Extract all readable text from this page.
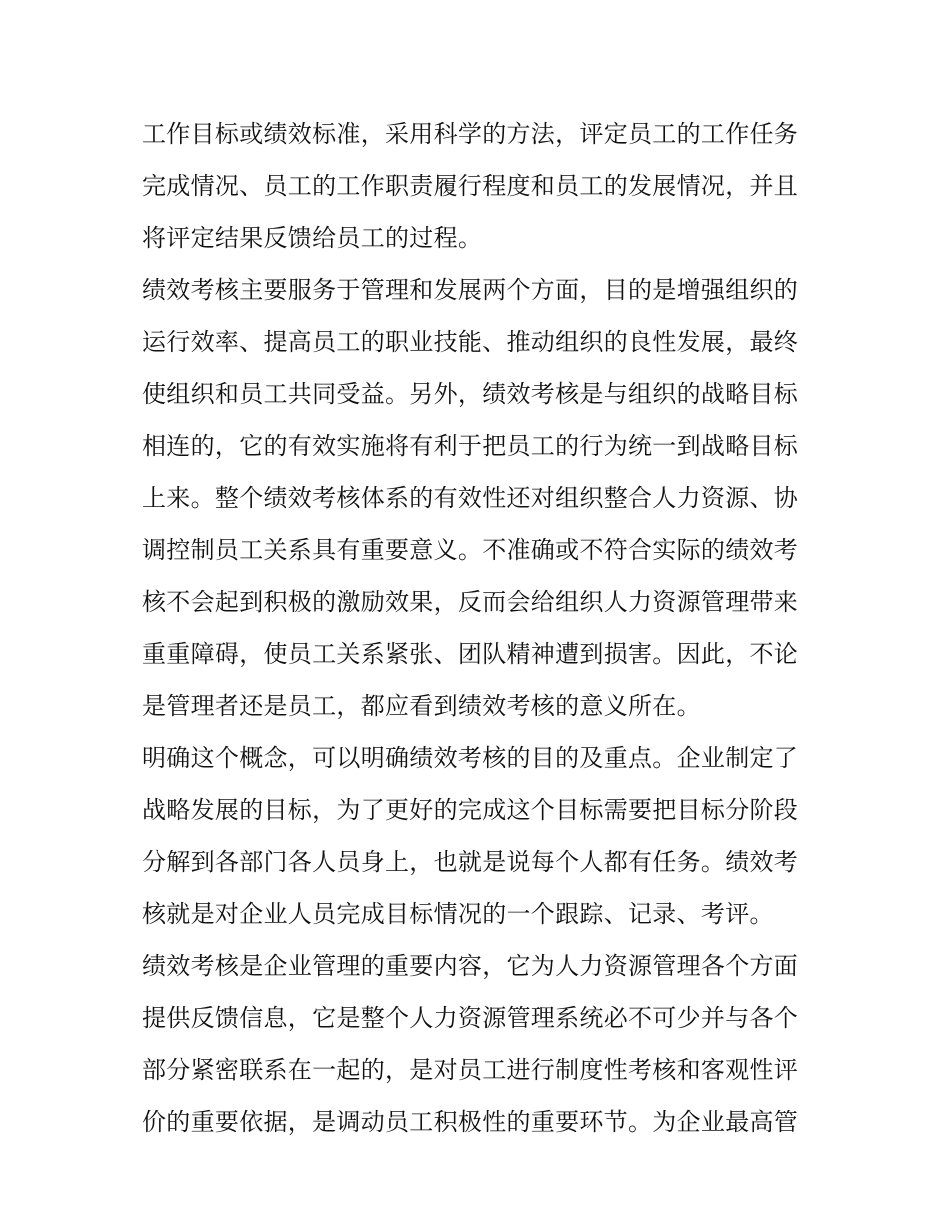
工作目标或绩效标准，采用科学的方法，评定员工的工作任务
完成情况、员工的工作职责履行程度和员工的发展情况，并且
将评定结果反馈给员工的过程。
绩效考核主要服务于管理和发展两个方面，目的是增强组织的
运行效率、提高员工的职业技能、推动组织的良性发展，最终
使组织和员工共同受益。另外，绩效考核是与组织的战略目标
相连的，它的有效实施将有利于把员工的行为统一到战略目标
上来。整个绩效考核体系的有效性还对组织整合人力资源、协
调控制员工关系具有重要意义。不准确或不符合实际的绩效考
核不会起到积极的激励效果，反而会给组织人力资源管理带来
重重障碍，使员工关系紧张、团队精神遭到损害。因此，不论
是管理者还是员工，都应看到绩效考核的意义所在。
明确这个概念，可以明确绩效考核的目的及重点。企业制定了
战略发展的目标，为了更好的完成这个目标需要把目标分阶段
分解到各部门各人员身上，也就是说每个人都有任务。绩效考
核就是对企业人员完成目标情况的一个跟踪、记录、考评。
绩效考核是企业管理的重要内容，它为人力资源管理各个方面
提供反馈信息，它是整个人力资源管理系统必不可少并与各个
部分紧密联系在一起的，是对员工进行制度性考核和客观性评
价的重要依据，是调动员工积极性的重要环节。为企业最高管
